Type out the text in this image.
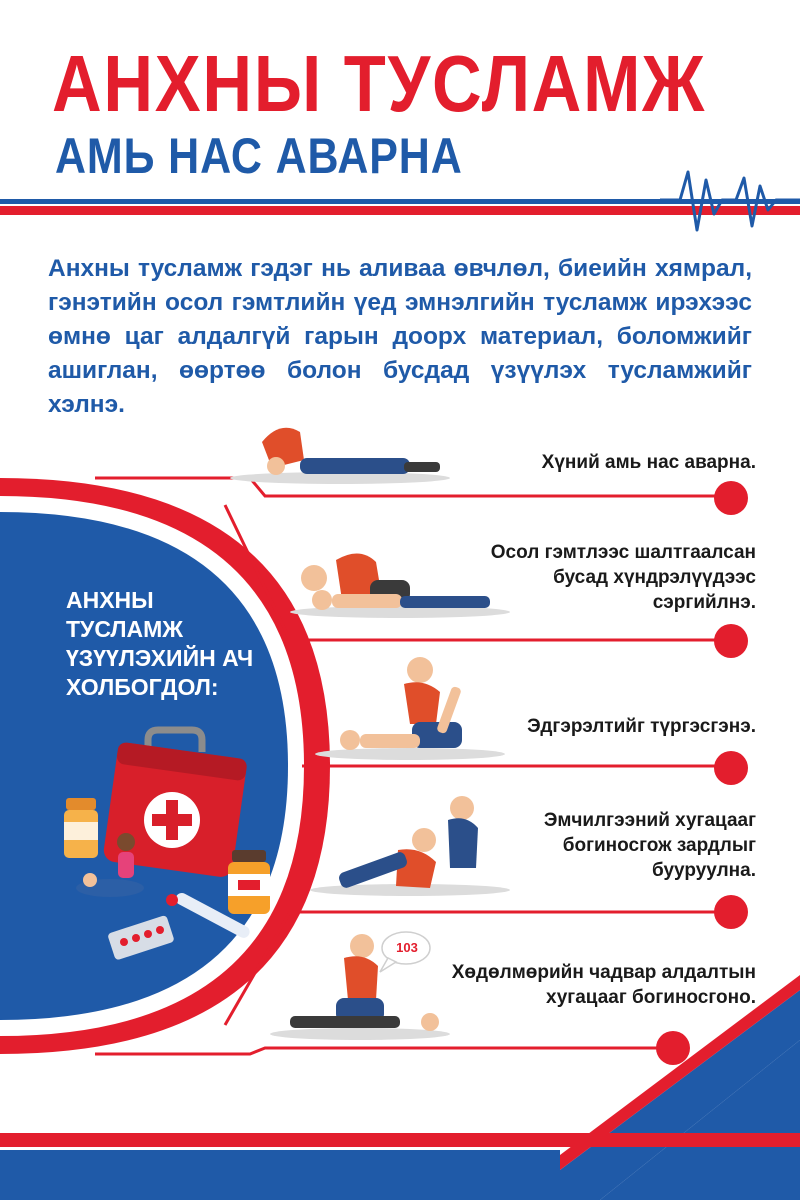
АНХНЫ ТУСЛАМЖ
АМЬ НАС АВАРНА

Анхны тусламж гэдэг нь аливаа өвчлөл, биеийн хямрал, гэнэтийн осол гэмтлийн үед эмнэлгийн тусламж ирэхээс өмнө цаг алдалгүй гарын доорх материал, боломжийг ашиглан, өөртөө болон бусдад үзүүлэх тусламжийг хэлнэ.

АНХНЫ ТУСЛАМЖ ҮЗҮҮЛЭХИЙН АЧ ХОЛБОГДОЛ:

103

Хүний амь нас аварна.

Осол гэмтлээс шалтгаалсан
бусад хүндрэлүүдээс
сэргийлнэ.

Эдгэрэлтийг түргэсгэнэ.

Эмчилгээний хугацааг
богиносгож зардлыг
бууруулна.

Хөдөлмөрийн чадвар алдалтын
хугацааг богиносгоно.
